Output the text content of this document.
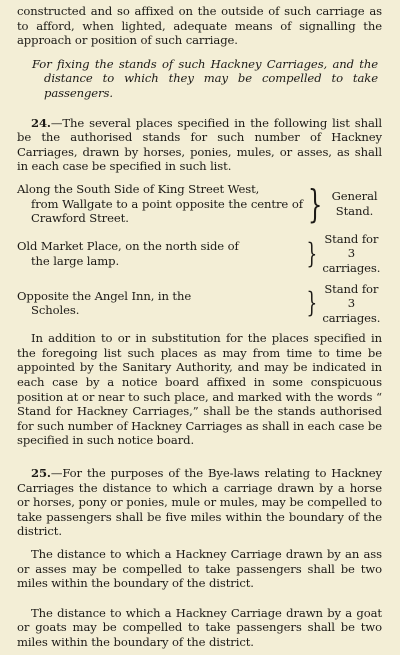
constructed and so affixed on the outside of such carriage as to afford, when lighted, adequate means of signalling the approach or position of such carriage.

For fixing the stands of such Hackney Carriages, and the distance to which they may be compelled to take passengers.

24.—The several places specified in the following list shall be the authorised stands for such number of Hackney Carriages, drawn by horses, ponies, mules, or asses, as shall in each case be specified in such list.

Along the South Side of King Street West,
from Wallgate to a point opposite the centre of Crawford Street.	} General Stand.
Old Market Place, on the north side of
the large lamp.	} Stand for 3 carriages.
Opposite the Angel Inn, in the
Scholes.	} Stand for 3 carriages.

In addition to or in substitution for the places specified in the foregoing list such places as may from time to time be appointed by the Sanitary Authority, and may be indicated in each case by a notice board affixed in some conspicuous position at or near to such place, and marked with the words “ Stand for Hackney Carriages,” shall be the stands authorised for such number of Hackney Carriages as shall in each case be specified in such notice board.

25.—For the purposes of the Bye-laws relating to Hackney Carriages the distance to which a carriage drawn by a horse or horses, pony or ponies, mule or mules, may be compelled to take passengers shall be five miles within the boundary of the district.

The distance to which a Hackney Carriage drawn by an ass or asses may be compelled to take passengers shall be two miles within the boundary of the district.

The distance to which a Hackney Carriage drawn by a goat or goats may be compelled to take passengers shall be two miles within the boundary of the district.
